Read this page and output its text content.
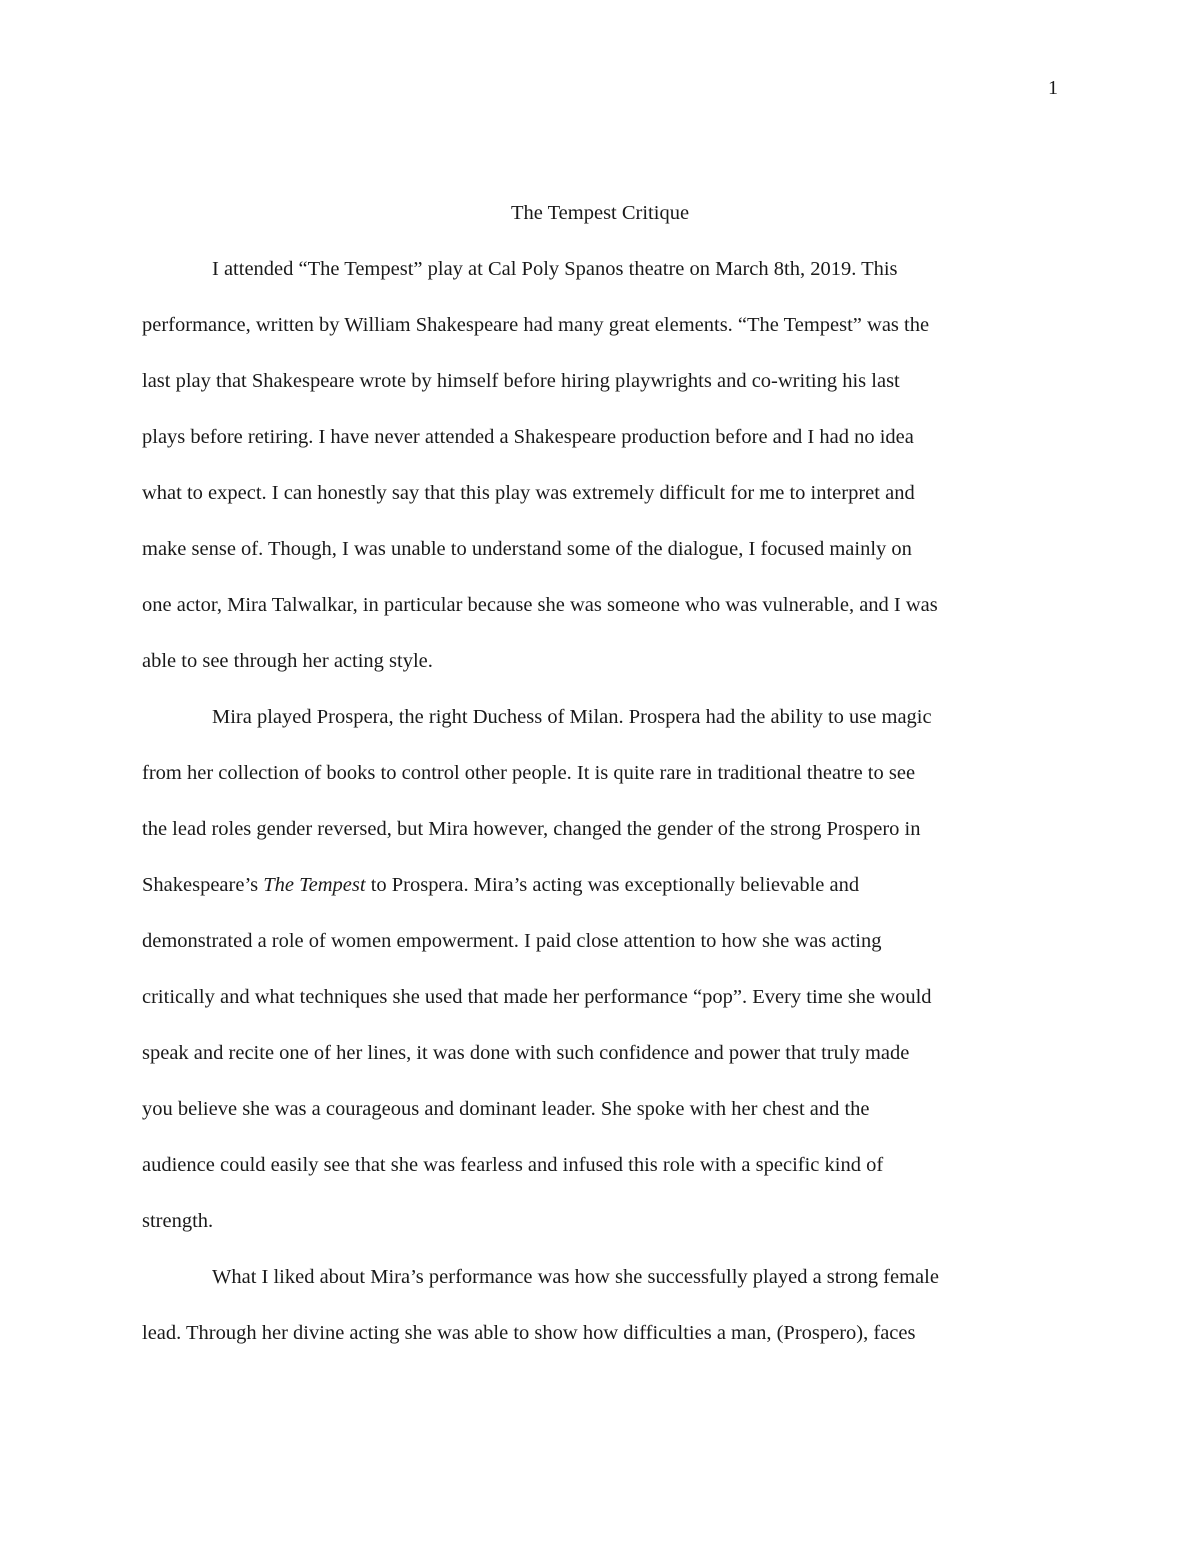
1
The Tempest Critique
I attended “The Tempest” play at Cal Poly Spanos theatre on March 8th, 2019. This
performance, written by William Shakespeare had many great elements. “The Tempest” was the
last play that Shakespeare wrote by himself before hiring playwrights and co-writing his last
plays before retiring. I have never attended a Shakespeare production before and I had no idea
what to expect. I can honestly say that this play was extremely difficult for me to interpret and
make sense of. Though, I was unable to understand some of the dialogue, I focused mainly on
one actor, Mira Talwalkar, in particular because she was someone who was vulnerable, and I was
able to see through her acting style.
Mira played Prospera, the right Duchess of Milan. Prospera had the ability to use magic
from her collection of books to control other people. It is quite rare in traditional theatre to see
the lead roles gender reversed, but Mira however, changed the gender of the strong Prospero in
Shakespeare’s The Tempest to Prospera. Mira’s acting was exceptionally believable and
demonstrated a role of women empowerment. I paid close attention to how she was acting
critically and what techniques she used that made her performance “pop”. Every time she would
speak and recite one of her lines, it was done with such confidence and power that truly made
you believe she was a courageous and dominant leader. She spoke with her chest and the
audience could easily see that she was fearless and infused this role with a specific kind of
strength.
What I liked about Mira’s performance was how she successfully played a strong female
lead. Through her divine acting she was able to show how difficulties a man, (Prospero), faces
